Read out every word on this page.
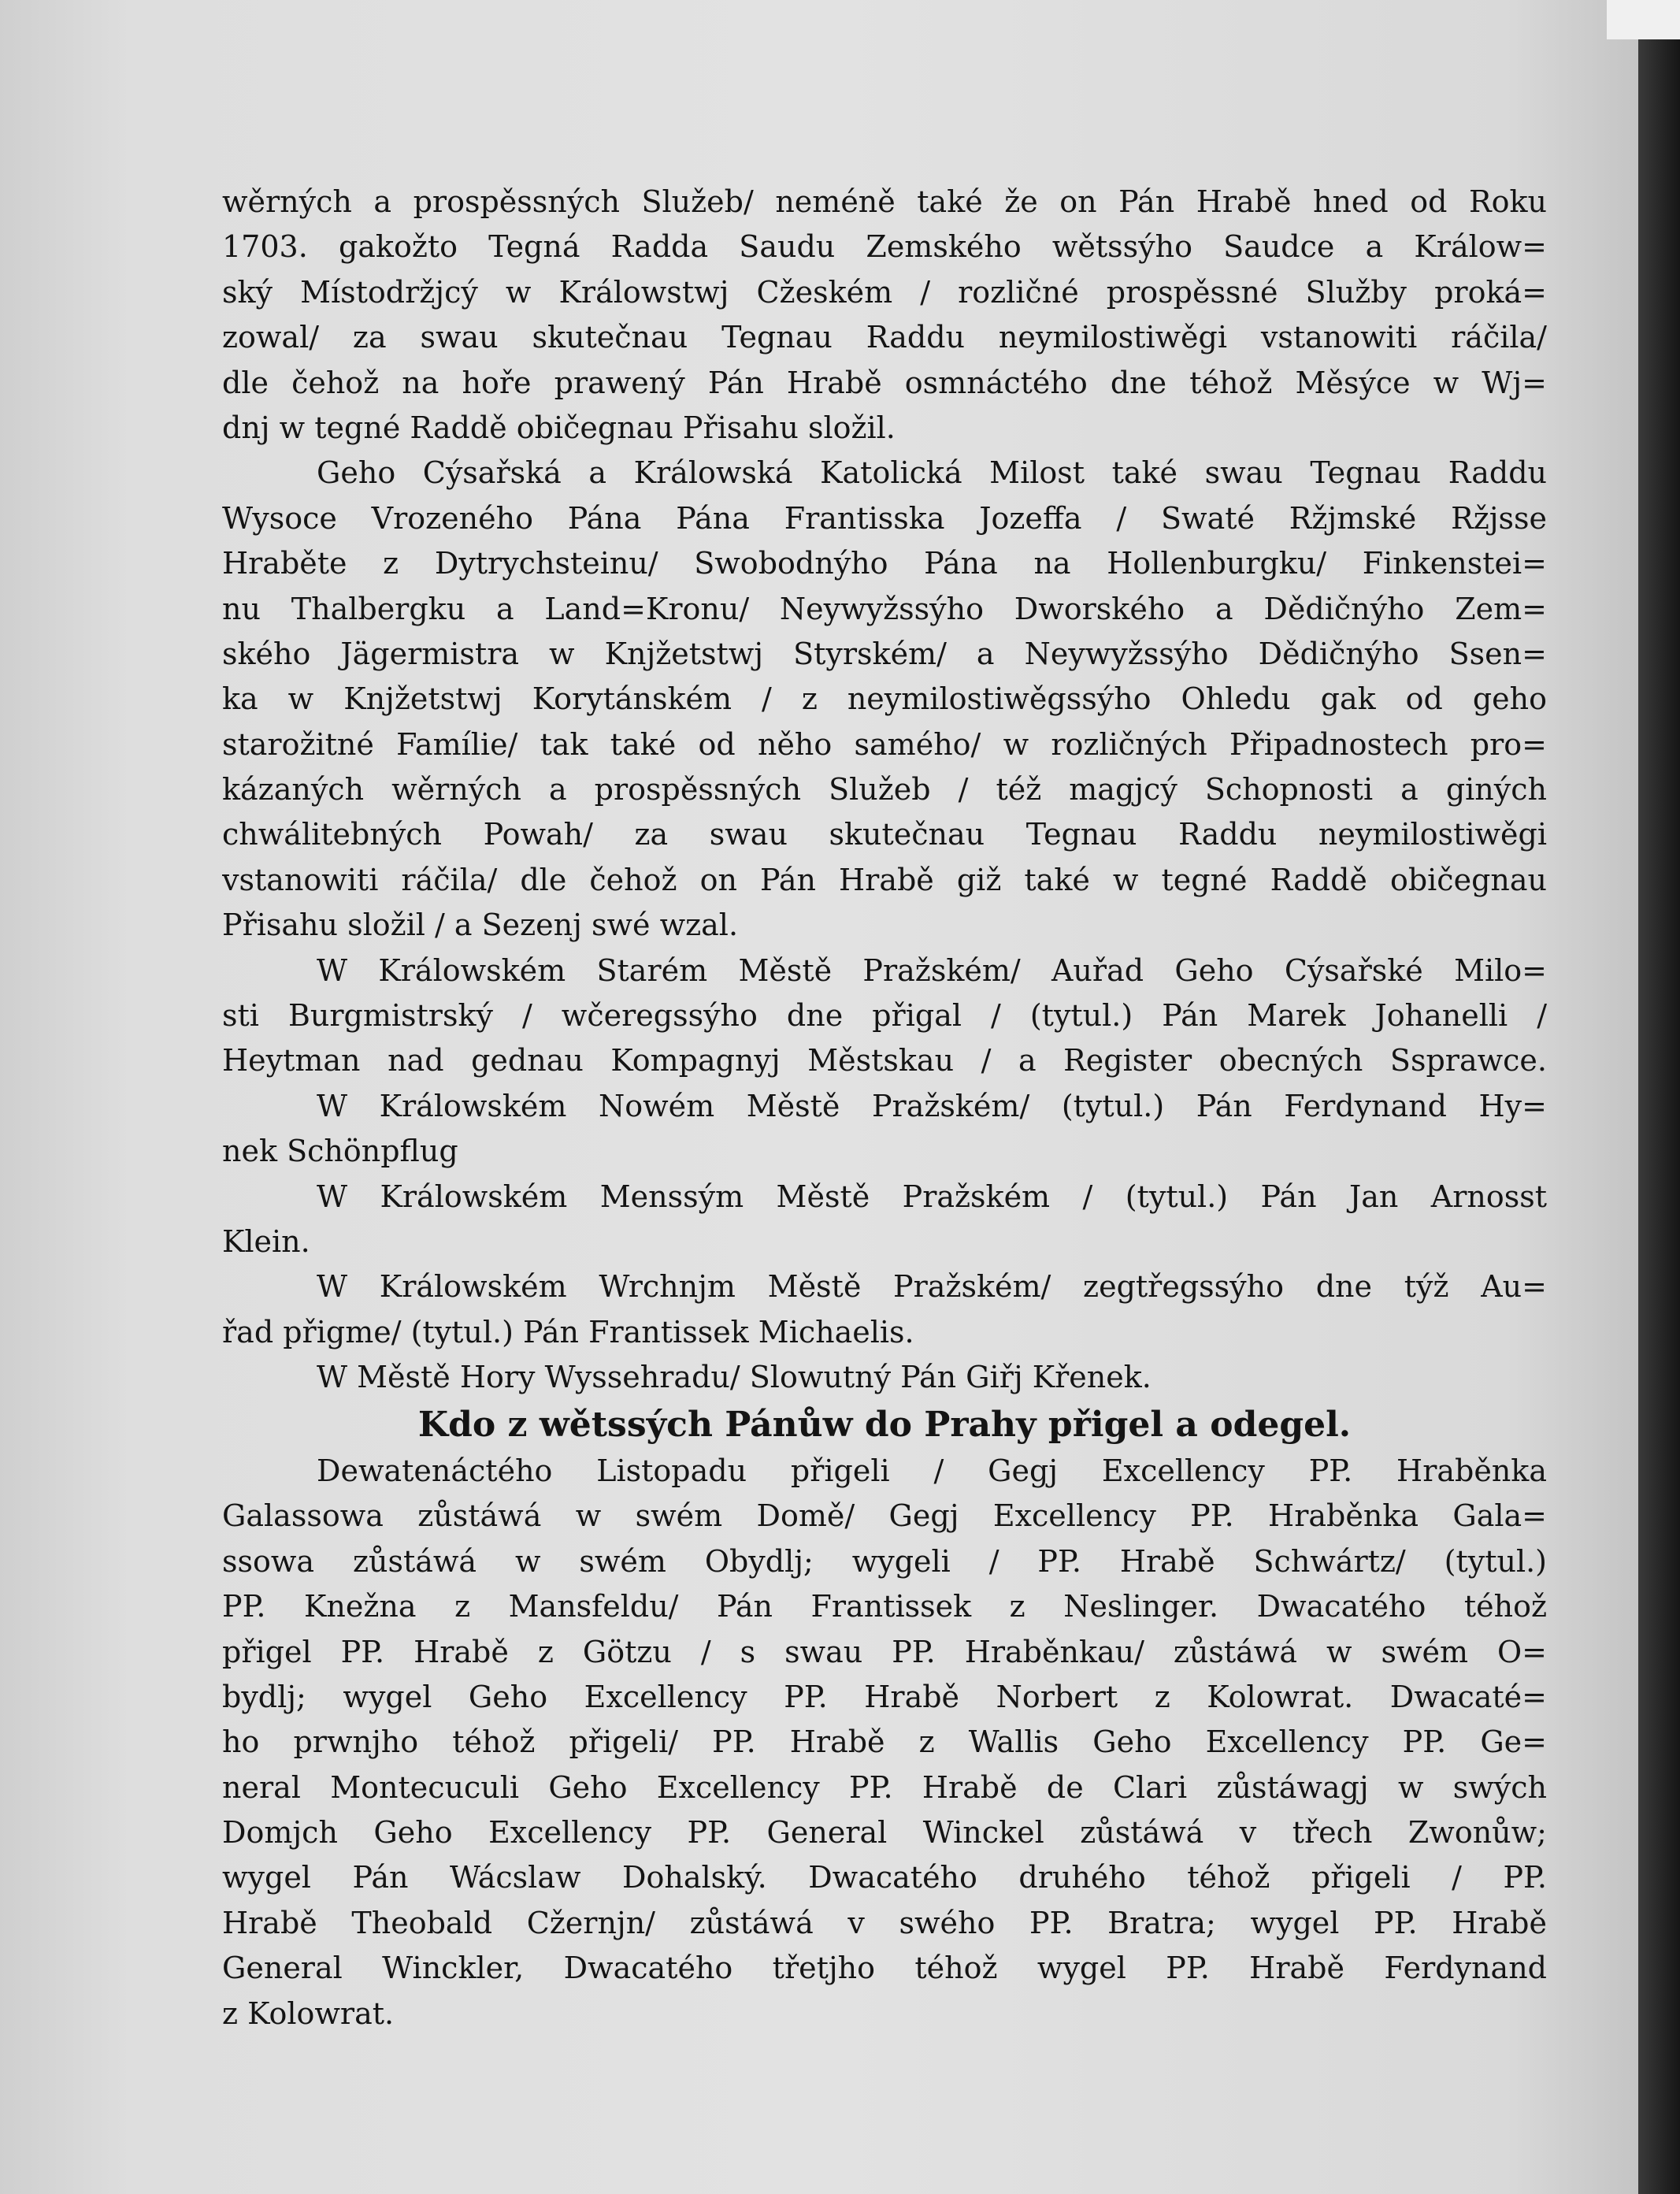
wěrných a prospěssných Služeb/ neméně také že on Pán Hrabě hned od Roku
1703. gakožto Tegná Radda Saudu Zemského wětssýho Saudce a Králow=
ský Místodržjcý w Králowstwj Cžeském / rozličné prospěssné Služby proká=
zowal/ za swau skutečnau Tegnau Raddu neymilostiwěgi vstanowiti ráčila/
dle čehož na hoře prawený Pán Hrabě osmnáctého dne téhož Měsýce w Wj=
dnj w tegné Raddě običegnau Přisahu složil.
Geho Cýsařská a Králowská Katolická Milost také swau Tegnau Raddu
Wysoce Vrozeného Pána Pána Frantisska Jozeffa / Swaté Ržjmské Ržjsse
Hraběte z Dytrychsteinu/ Swobodnýho Pána na Hollenburgku/ Finkenstei=
nu Thalbergku a Land=Kronu/ Neywyžssýho Dworského a Dědičnýho Zem=
ského Jägermistra w Knjžetstwj Styrském/ a Neywyžssýho Dědičnýho Ssen=
ka w Knjžetstwj Korytánském / z neymilostiwěgssýho Ohledu gak od geho
starožitné Famílie/ tak také od něho samého/ w rozličných Připadnostech pro=
kázaných wěrných a prospěssných Služeb / též magjcý Schopnosti a giných
chwálitebných Powah/ za swau skutečnau Tegnau Raddu neymilostiwěgi
vstanowiti ráčila/ dle čehož on Pán Hrabě giž také w tegné Raddě običegnau
Přisahu složil / a Sezenj swé wzal.
W Králowském Starém Městě Pražském/ Auřad Geho Cýsařské Milo=
sti Burgmistrský / wčeregssýho dne přigal / (tytul.) Pán Marek Johanelli /
Heytman nad gednau Kompagnyj Městskau / a Register obecných Ssprawce.
W Králowském Nowém Městě Pražském/ (tytul.) Pán Ferdynand Hy=
nek Schönpflug
W Králowském Menssým Městě Pražském / (tytul.) Pán Jan Arnosst
Klein.
W Králowském Wrchnjm Městě Pražském/ zegtřegssýho dne týž Au=
řad přigme/ (tytul.) Pán Frantissek Michaelis.
W Městě Hory Wyssehradu/ Slowutný Pán Giřj Křenek.
Kdo z wětssých Pánůw do Prahy přigel a odegel.
Dewatenáctého Listopadu přigeli / Gegj Excellency PP. Hraběnka
Galassowa zůstáwá w swém Domě/ Gegj Excellency PP. Hraběnka Gala=
ssowa zůstáwá w swém Obydlj; wygeli / PP. Hrabě Schwártz/ (tytul.)
PP. Knežna z Mansfeldu/ Pán Frantissek z Neslinger. Dwacatého téhož
přigel PP. Hrabě z Götzu / s swau PP. Hraběnkau/ zůstáwá w swém O=
bydlj; wygel Geho Excellency PP. Hrabě Norbert z Kolowrat. Dwacaté=
ho prwnjho téhož přigeli/ PP. Hrabě z Wallis Geho Excellency PP. Ge=
neral Montecuculi Geho Excellency PP. Hrabě de Clari zůstáwagj w swých
Domjch Geho Excellency PP. General Winckel zůstáwá v třech Zwonůw;
wygel Pán Wácslaw Dohalský. Dwacatého druhého téhož přigeli / PP.
Hrabě Theobald Cžernjn/ zůstáwá v swého PP. Bratra; wygel PP. Hrabě
General Winckler, Dwacatého třetjho téhož wygel PP. Hrabě Ferdynand
z Kolowrat.
